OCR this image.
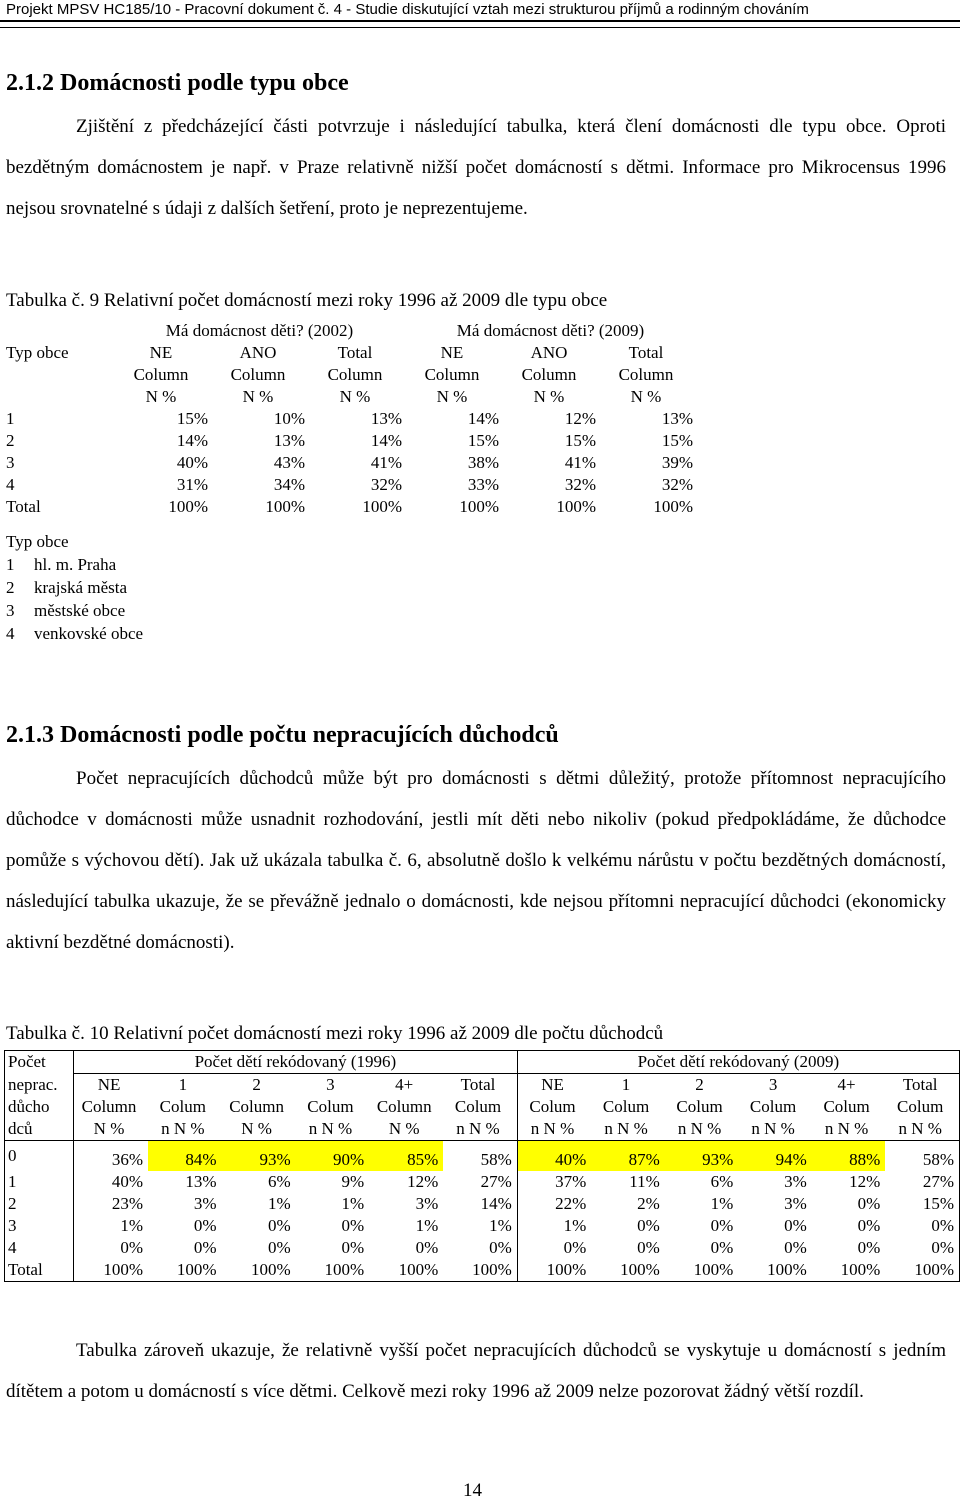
Projekt MPSV HC185/10 - Pracovní dokument č. 4 - Studie diskutující vztah mezi strukturou příjmů a rodinným chováním
2.1.2 Domácnosti podle typu obce

Zjištění z předcházející části potvrzuje i následující tabulka, která člení domácnosti dle typu obce. Oproti bezdětným domácnostem je např. v Praze relativně nižší počet domácností s dětmi. Informace pro Mikrocensus 1996 nejsou srovnatelné s údaji z dalších šetření, proto je neprezentujeme.

Tabulka č. 9 Relativní počet domácností mezi roky 1996 až 2009 dle typu obce
Typ obce	Má domácnost děti? (2002)			Má domácnost děti? (2009)		
	NE	ANO	Total	NE	ANO	Total
	Column	Column	Column	Column	Column	Column
	N %	N %	N %	N %	N %	N %
1	15%	10%	13%	14%	12%	13%
2	14%	13%	14%	15%	15%	15%
3	40%	43%	41%	38%	41%	39%
4	31%	34%	32%	33%	32%	32%
Total	100%	100%	100%	100%	100%	100%
Typ obce
1 hl. m. Praha
2 krajská města
3 městské obce
4 venkovské obce
2.1.3 Domácnosti podle počtu nepracujících důchodců

Počet nepracujících důchodců může být pro domácnosti s dětmi důležitý, protože přítomnost nepracujícího důchodce v domácnosti může usnadnit rozhodování, jestli mít děti nebo nikoliv (pokud předpokládáme, že důchodce pomůže s výchovou dětí). Jak už ukázala tabulka č. 6, absolutně došlo k velkému nárůstu v počtu bezdětných domácností, následující tabulka ukazuje, že se převážně jednalo o domácnosti, kde nejsou přítomni nepracující důchodci (ekonomicky aktivní bezdětné domácnosti).

Tabulka č. 10 Relativní počet domácností mezi roky 1996 až 2009 dle počtu důchodců
Počet	Počet dětí rekódovaný (1996)						Počet dětí rekódovaný (2009)					
neprac.	NE	1	2	3	4+	Total	NE	1	2	3	4+	Total
důcho	Column	Colum	Column	Colum	Column	Colum	Colum	Colum	Colum	Colum	Colum	Colum
dců	N %	n N %	N %	n N %	N %	n N %	n N %	n N %	n N %	n N %	n N %	n N %
0	36%	84%	93%	90%	85%	58%	40%	87%	93%	94%	88%	58%
1	40%	13%	6%	9%	12%	27%	37%	11%	6%	3%	12%	27%
2	23%	3%	1%	1%	3%	14%	22%	2%	1%	3%	0%	15%
3	1%	0%	0%	0%	1%	1%	1%	0%	0%	0%	0%	0%
4	0%	0%	0%	0%	0%	0%	0%	0%	0%	0%	0%	0%
Total	100%	100%	100%	100%	100%	100%	100%	100%	100%	100%	100%	100%

Tabulka zároveň ukazuje, že relativně vyšší počet nepracujících důchodců se vyskytuje u domácností s jedním dítětem a potom u domácností s více dětmi. Celkově mezi roky 1996 až 2009 nelze pozorovat žádný větší rozdíl.

14
